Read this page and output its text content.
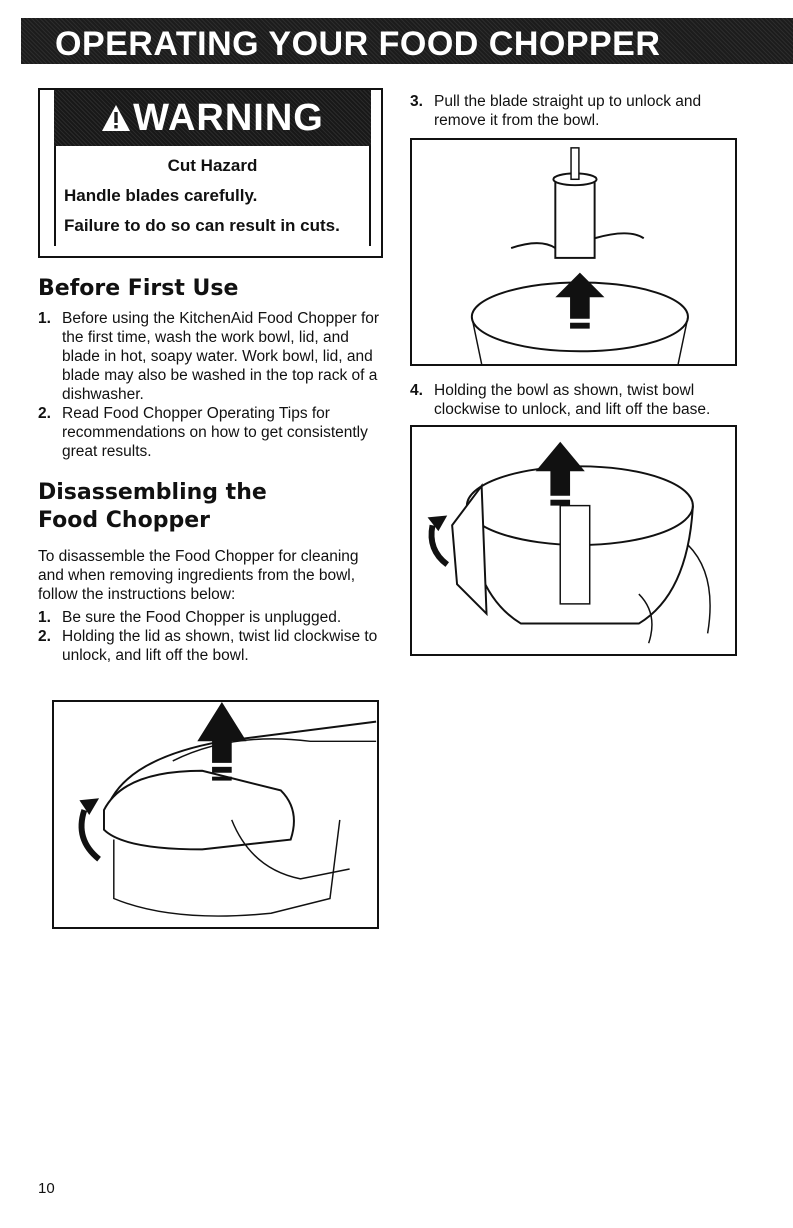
OPERATING YOUR FOOD CHOPPER
WARNING
Cut Hazard
Handle blades carefully.
Failure to do so can result in cuts.
Before First Use
1. Before using the KitchenAid Food Chopper for the first time, wash the work bowl, lid, and blade in hot, soapy water. Work bowl, lid, and blade may also be washed in the top rack of a dishwasher.
2. Read Food Chopper Operating Tips for recommendations on how to get consistently great results.
Disassembling the
Food Chopper

To disassemble the Food Chopper for cleaning and when removing ingredients from the bowl, follow the instructions below:

1. Be sure the Food Chopper is unplugged.
2. Holding the lid as shown, twist lid clockwise to unlock, and lift off the bowl.
3. Pull the blade straight up to unlock and remove it from the bowl.
4. Holding the bowl as shown, twist bowl clockwise to unlock, and lift off the base.
10
